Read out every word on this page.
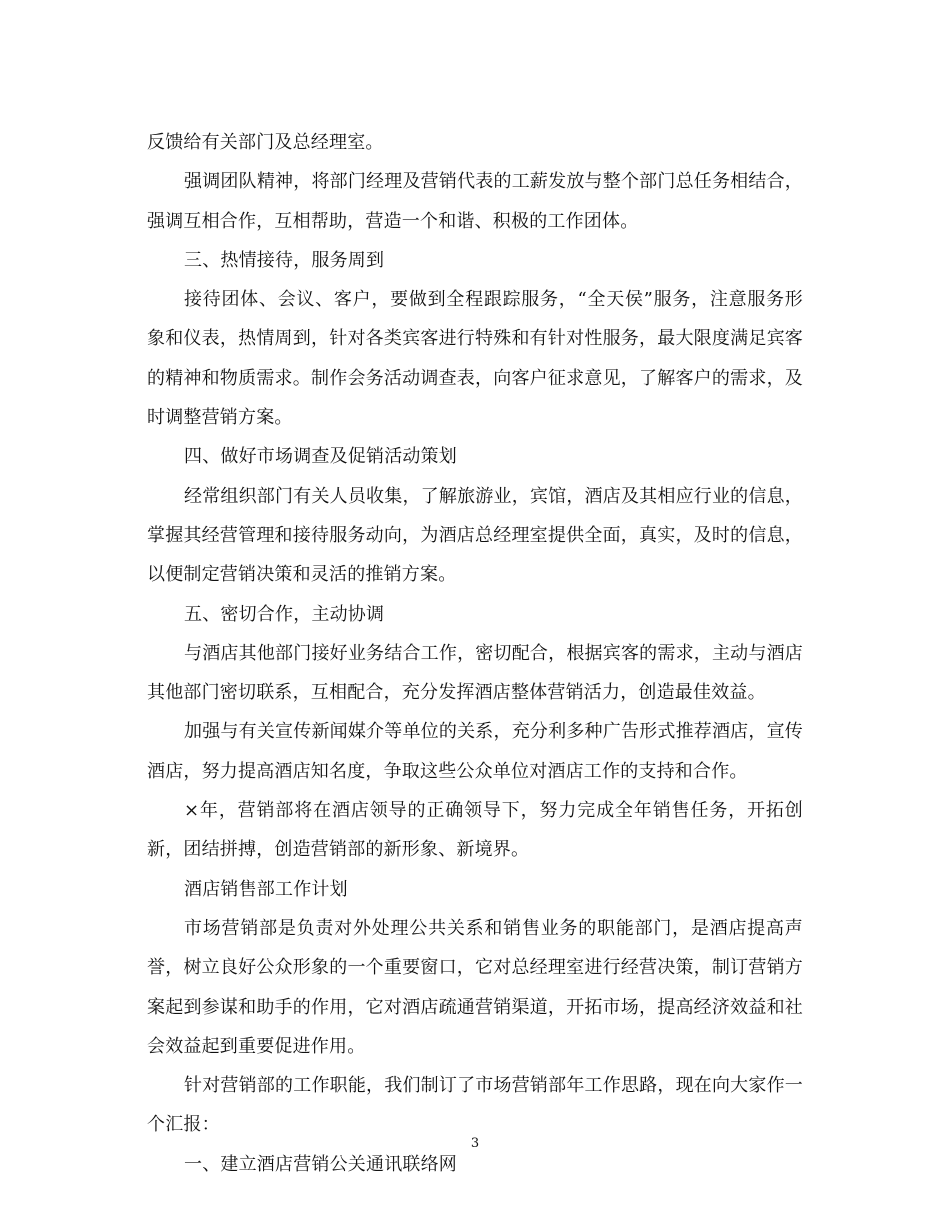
反馈给有关部门及总经理室。

强调团队精神，将部门经理及营销代表的工薪发放与整个部门总任务相结合，强调互相合作，互相帮助，营造一个和谐、积极的工作团体。

三、热情接待，服务周到

接待团体、会议、客户，要做到全程跟踪服务，“全天侯”服务，注意服务形象和仪表，热情周到，针对各类宾客进行特殊和有针对性服务，最大限度满足宾客的精神和物质需求。制作会务活动调查表，向客户征求意见，了解客户的需求，及时调整营销方案。

四、做好市场调查及促销活动策划

经常组织部门有关人员收集，了解旅游业，宾馆，酒店及其相应行业的信息，掌握其经营管理和接待服务动向，为酒店总经理室提供全面，真实，及时的信息，以便制定营销决策和灵活的推销方案。

五、密切合作，主动协调

与酒店其他部门接好业务结合工作，密切配合，根据宾客的需求，主动与酒店其他部门密切联系，互相配合，充分发挥酒店整体营销活力，创造最佳效益。

加强与有关宣传新闻媒介等单位的关系，充分利多种广告形式推荐酒店，宣传酒店，努力提高酒店知名度，争取这些公众单位对酒店工作的支持和合作。

×年，营销部将在酒店领导的正确领导下，努力完成全年销售任务，开拓创新，团结拼搏，创造营销部的新形象、新境界。

酒店销售部工作计划

市场营销部是负责对外处理公共关系和销售业务的职能部门，是酒店提高声誉，树立良好公众形象的一个重要窗口，它对总经理室进行经营决策，制订营销方案起到参谋和助手的作用，它对酒店疏通营销渠道，开拓市场，提高经济效益和社会效益起到重要促进作用。

针对营销部的工作职能，我们制订了市场营销部年工作思路，现在向大家作一个汇报：

一、建立酒店营销公关通讯联络网

3
